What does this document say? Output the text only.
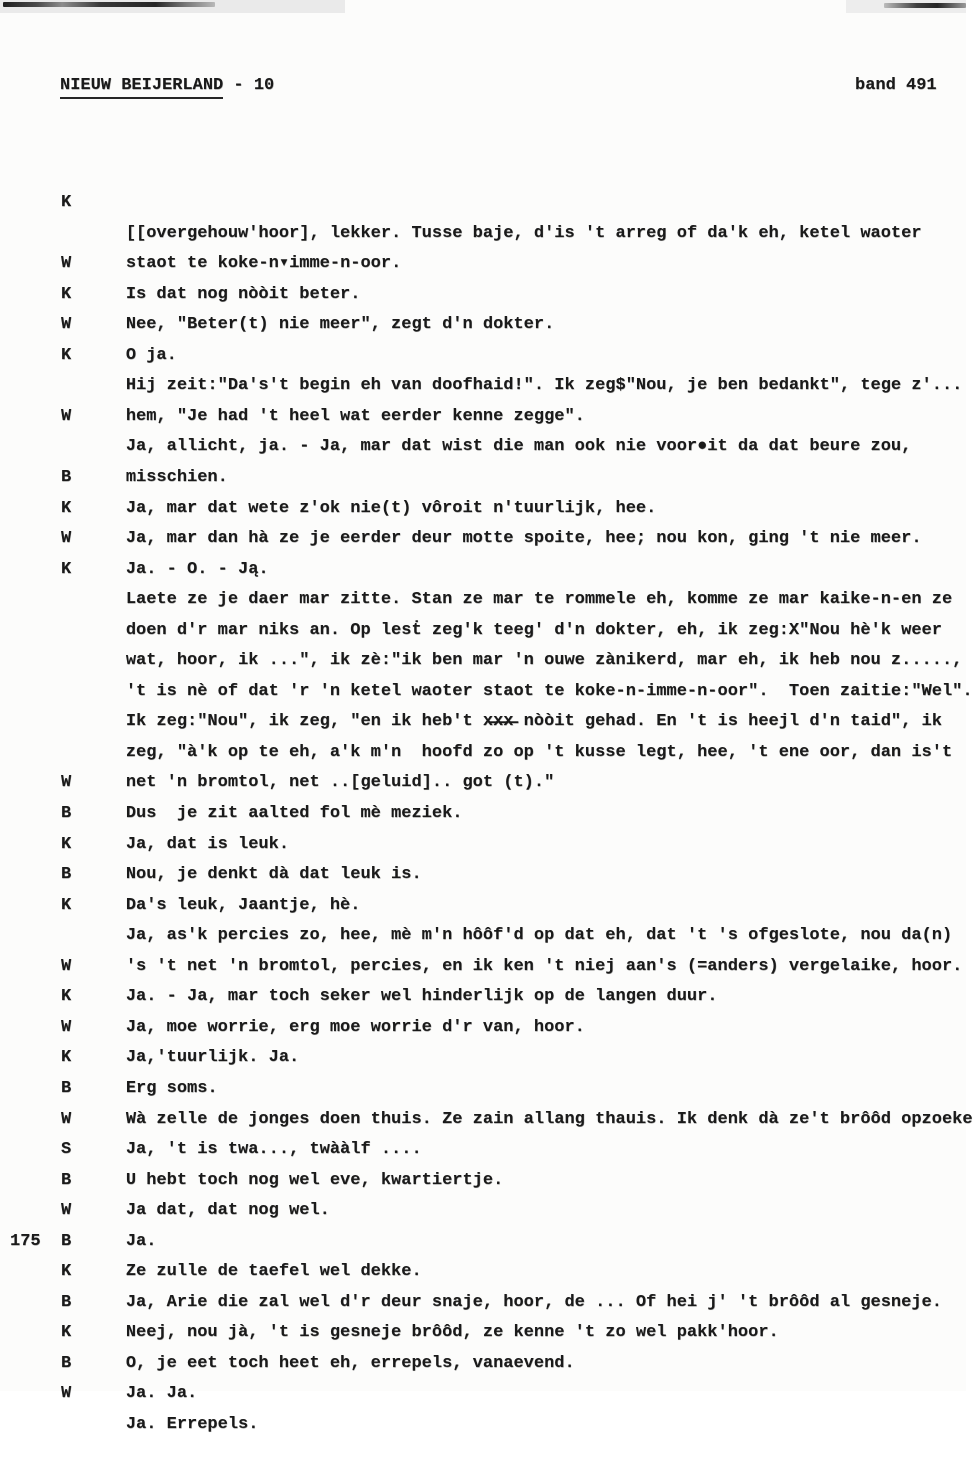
NIEUW BEIJERLAND - 10	band 491

K

[[overgehouw'hoor], lekker. Tusse baje, d'is 't arreg of da'k eh, ketel waoter

staot te koke-n▾imme-n-oor.

W

Is dat nog nòòit beter.

K

Nee, "Beter(t) nie meer", zegt d'n dokter.

W

O ja.

K

Hij zeit:"Da's't begin eh van doofhaid!". Ik zeg$"Nou, je ben bedankt", tege z'...

hem, "Je had 't heel wat eerder kenne zegge".

W

Ja, allicht, ja. - Ja, mar dat wist die man ook nie voor●it da dat beure zou,

misschien.

B

Ja, mar dat wete z'ok nie(t) vôroit n'tuurlijk, hee.

K

Ja, mar dan hà ze je eerder deur motte spoite, hee; nou kon, ging 't nie meer.

W

Ja. - O. - Ją.

K

Laete ze je daer mar zitte. Stan ze mar te rommele eh, komme ze mar kaike-n-en ze

doen d'r mar niks an. Op lesṫ zeg'k teeg' d'n dokter, eh, ik zeg:X"Nou hè'k weer

wat, hoor, ik ...", ik zè:"ik ben mar 'n ouwe zànikerd, mar eh, ik heb nou z.....,

't is nè of dat 'r 'n ketel waoter staot te koke-n-imme-n-oor".  Toen zaitie:"Wel".

Ik zeg:"Nou", ik zeg, "en ik heb't x̶x̶x̶ nòòit gehad. En 't is heejl d'n taid", ik

zeg, "à'k op te eh, a'k m'n  hoofd zo op 't kusse legt, hee, 't ene oor, dan is't

net 'n bromtol, net ..[geluid].. got (t)."

W

Dus  je zit aalted fol mè meziek.

B

Ja, dat is leuk.

K

Nou, je denkt dà dat leuk is.

B

Da's leuk, Jaantje, hè.

K

Ja, as'k percies zo, hee, mè m'n hôôf'd op dat eh, dat 't 's ofgeslote, nou da(n)

's 't net 'n bromtol, percies, en ik ken 't niej aan's (=anders) vergelaike, hoor.

W

Ja. - Ja, mar toch seker wel hinderlijk op de langen duur.

K

Ja, moe worrie, erg moe worrie d'r van, hoor.

W

Ja,'tuurlijk. Ja.

K

Erg soms.

B

Wà zelle de jonges doen thuis. Ze zain allang thauis. Ik denk dà ze't brôôd opzoeke

W

Ja, 't is twa..., twààlf ....

S

U hebt toch nog wel eve, kwartiertje.

B

Ja dat, dat nog wel.

W

Ja.

B

Ze zulle de taefel wel dekke.

175

K

Ja, Arie die zal wel d'r deur snaje, hoor, de ... Of hei j' 't brôôd al gesneje.

B

Neej, nou jà, 't is gesneje brôôd, ze kenne 't zo wel pakk'hoor.

K

O, je eet toch heet eh, errepels, vanaevend.

B

Ja. Ja.

W

Ja. Errepels.
